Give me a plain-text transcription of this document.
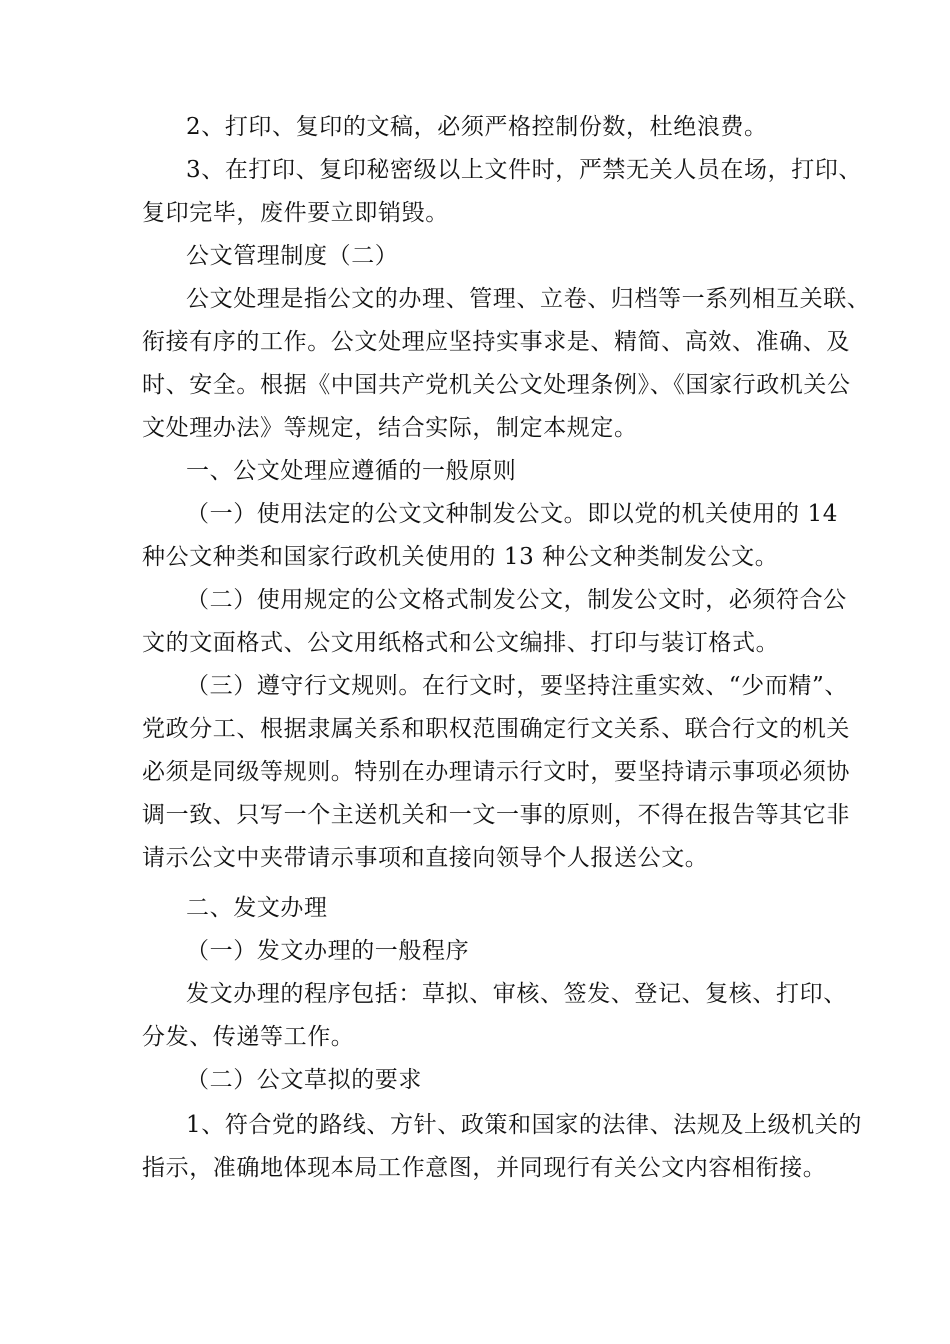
2、打印、复印的文稿，必须严格控制份数，杜绝浪费。
3、在打印、复印秘密级以上文件时，严禁无关人员在场，打印、
复印完毕，废件要立即销毁。
公文管理制度（二）
公文处理是指公文的办理、管理、立卷、归档等一系列相互关联、
衔接有序的工作。公文处理应坚持实事求是、精简、高效、准确、及
时、安全。根据《中国共产党机关公文处理条例》、《国家行政机关公
文处理办法》等规定，结合实际，制定本规定。
一、公文处理应遵循的一般原则
（一）使用法定的公文文种制发公文。即以党的机关使用的 14
种公文种类和国家行政机关使用的 13 种公文种类制发公文。
（二）使用规定的公文格式制发公文，制发公文时，必须符合公
文的文面格式、公文用纸格式和公文编排、打印与装订格式。
（三）遵守行文规则。在行文时，要坚持注重实效、“少而精”、
党政分工、根据隶属关系和职权范围确定行文关系、联合行文的机关
必须是同级等规则。特别在办理请示行文时，要坚持请示事项必须协
调一致、只写一个主送机关和一文一事的原则，不得在报告等其它非
请示公文中夹带请示事项和直接向领导个人报送公文。
二、发文办理
（一）发文办理的一般程序
发文办理的程序包括：草拟、审核、签发、登记、复核、打印、
分发、传递等工作。
（二）公文草拟的要求
1、符合党的路线、方针、政策和国家的法律、法规及上级机关的
指示，准确地体现本局工作意图，并同现行有关公文内容相衔接。
